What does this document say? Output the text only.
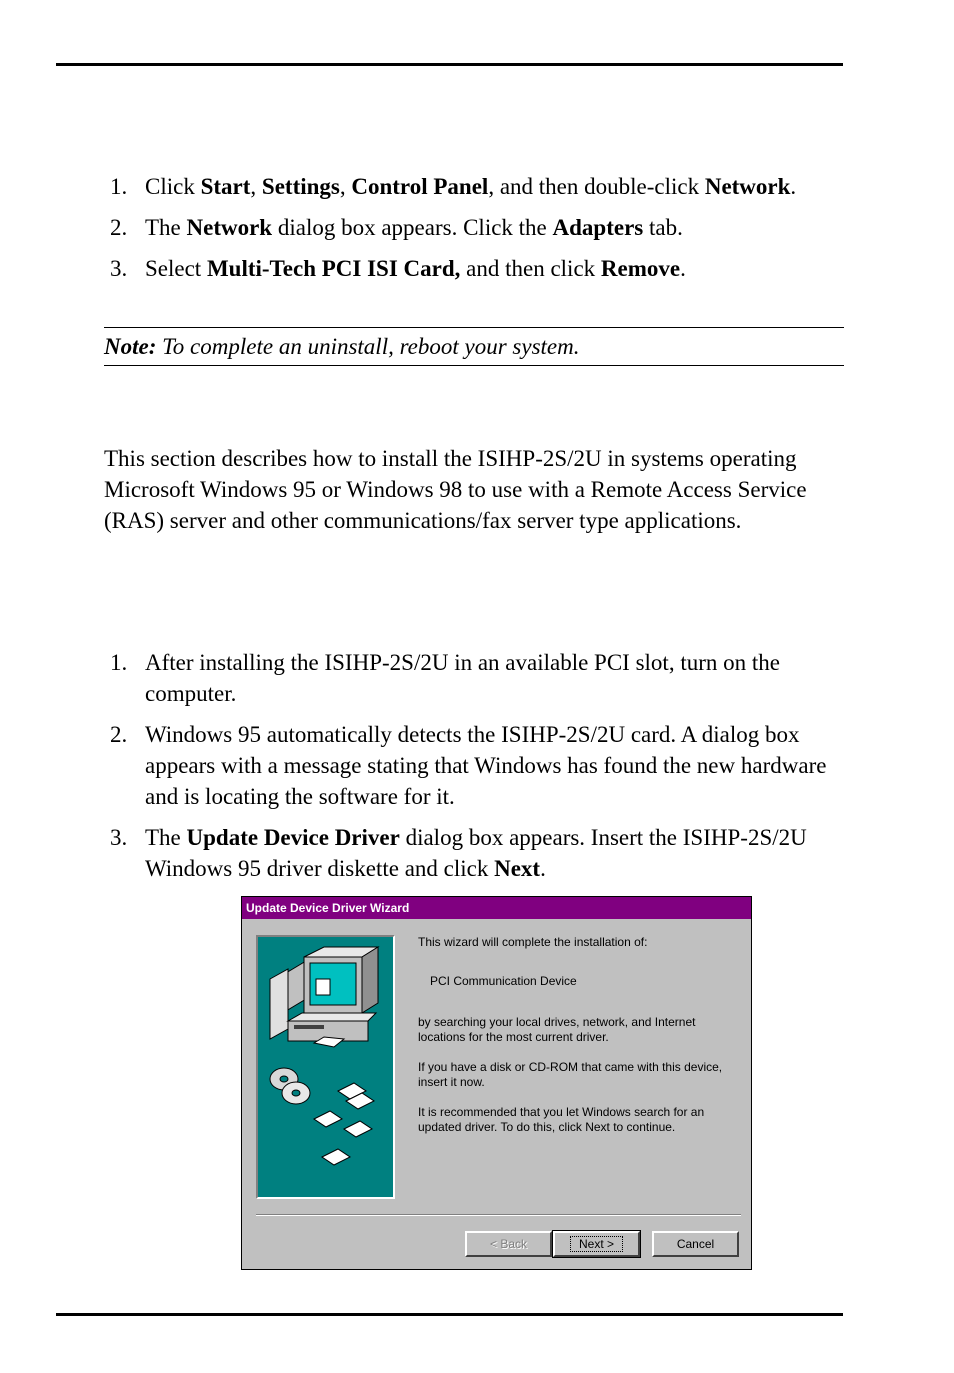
1. Click Start, Settings, Control Panel, and then double-click Network.
2. The Network dialog box appears. Click the Adapters tab.
3. Select Multi-Tech PCI ISI Card, and then click Remove.
Note: To complete an uninstall, reboot your system.

This section describes how to install the ISIHP-2S/2U in systems operating Microsoft Windows 95 or Windows 98 to use with a Remote Access Service (RAS) server and other communications/fax server type applications.

1. After installing the ISIHP-2S/2U in an available PCI slot, turn on the computer.
2. Windows 95 automatically detects the ISIHP-2S/2U card. A dialog box appears with a message stating that Windows has found the new hardware and is locating the software for it.
3. The Update Device Driver dialog box appears. Insert the ISIHP-2S/2U Windows 95 driver diskette and click Next.
Update Device Driver Wizard

This wizard will complete the installation of:

PCI Communication Device

by searching your local drives, network, and Internet locations for the most current driver.

If you have a disk or CD-ROM that came with this device, insert it now.

It is recommended that you let Windows search for an updated driver. To do this, click Next to continue.

< Back	Next >	Cancel
